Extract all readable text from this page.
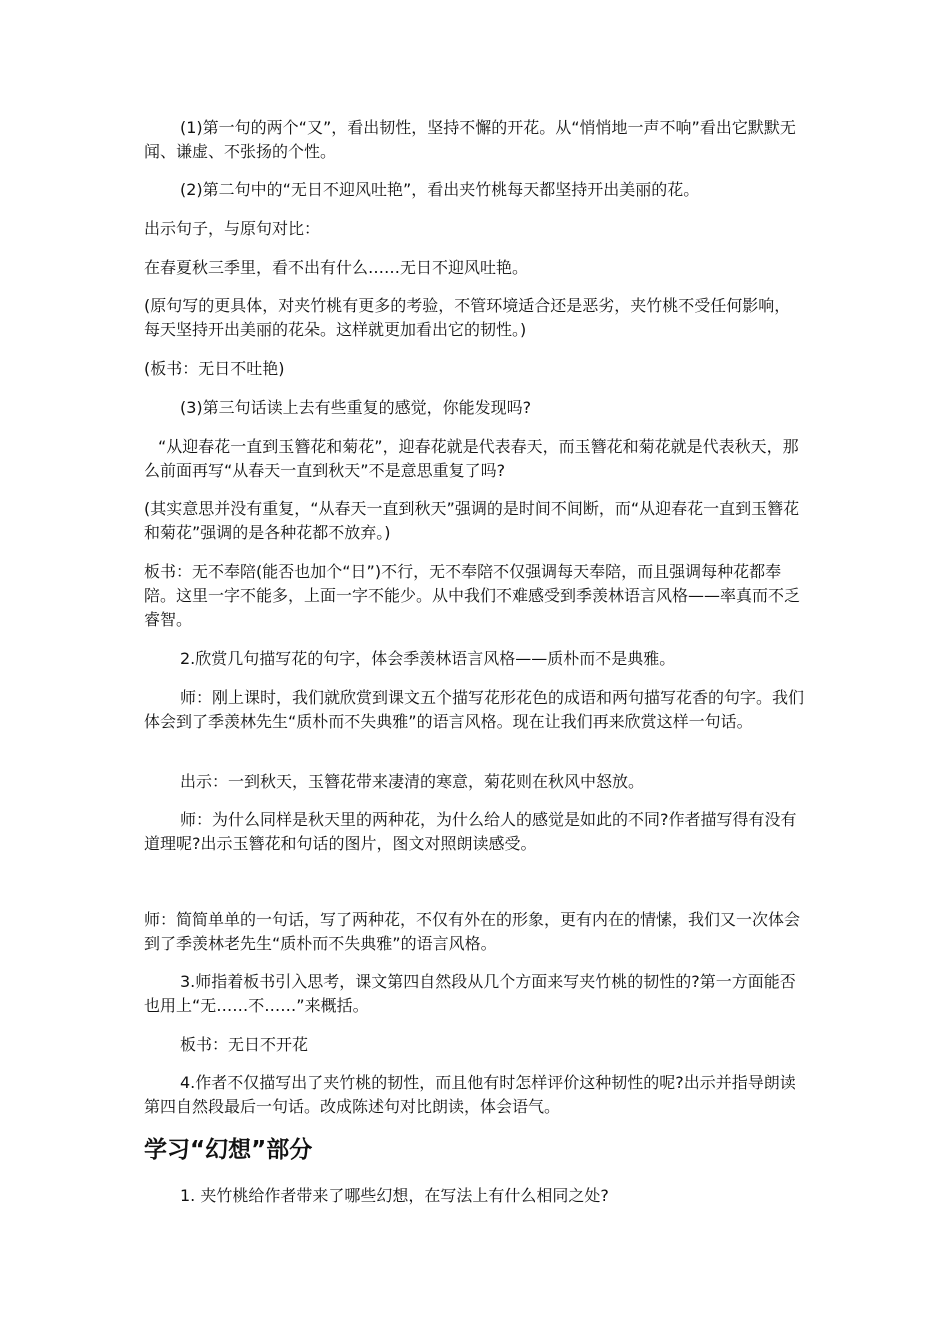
(1)第一句的两个“又”，看出韧性，坚持不懈的开花。从“悄悄地一声不响”看出它默默无闻、谦虚、不张扬的个性。

(2)第二句中的“无日不迎风吐艳”，看出夹竹桃每天都坚持开出美丽的花。

出示句子，与原句对比：

在春夏秋三季里，看不出有什么……无日不迎风吐艳。

(原句写的更具体，对夹竹桃有更多的考验，不管环境适合还是恶劣，夹竹桃不受任何影响，每天坚持开出美丽的花朵。这样就更加看出它的韧性。)

(板书：无日不吐艳)

(3)第三句话读上去有些重复的感觉，你能发现吗?

“从迎春花一直到玉簪花和菊花”，迎春花就是代表春天，而玉簪花和菊花就是代表秋天，那么前面再写“从春天一直到秋天”不是意思重复了吗?

(其实意思并没有重复，“从春天一直到秋天”强调的是时间不间断，而“从迎春花一直到玉簪花和菊花”强调的是各种花都不放弃。)

板书：无不奉陪(能否也加个“日”)不行，无不奉陪不仅强调每天奉陪，而且强调每种花都奉陪。这里一字不能多，上面一字不能少。从中我们不难感受到季羡林语言风格——率真而不乏睿智。

2.欣赏几句描写花的句字，体会季羡林语言风格——质朴而不是典雅。

师：刚上课时，我们就欣赏到课文五个描写花形花色的成语和两句描写花香的句字。我们体会到了季羡林先生“质朴而不失典雅”的语言风格。现在让我们再来欣赏这样一句话。

出示：一到秋天，玉簪花带来凄清的寒意，菊花则在秋风中怒放。

师：为什么同样是秋天里的两种花，为什么给人的感觉是如此的不同?作者描写得有没有道理呢?出示玉簪花和句话的图片，图文对照朗读感受。

师：简简单单的一句话，写了两种花，不仅有外在的形象，更有内在的情愫，我们又一次体会到了季羡林老先生“质朴而不失典雅”的语言风格。

3.师指着板书引入思考，课文第四自然段从几个方面来写夹竹桃的韧性的?第一方面能否也用上“无……不……”来概括。

板书：无日不开花

4.作者不仅描写出了夹竹桃的韧性，而且他有时怎样评价这种韧性的呢?出示并指导朗读第四自然段最后一句话。改成陈述句对比朗读，体会语气。

学习“幻想”部分

1. 夹竹桃给作者带来了哪些幻想，在写法上有什么相同之处?
